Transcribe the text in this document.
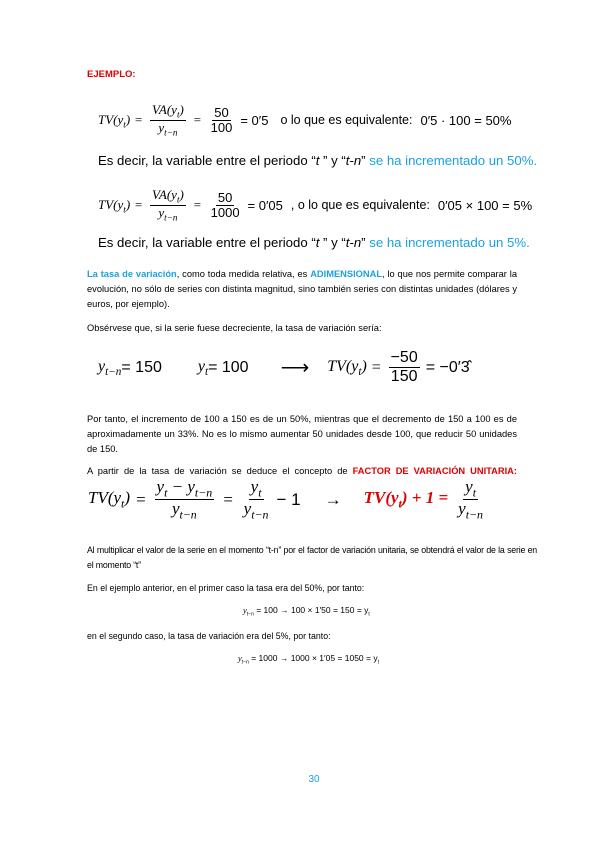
EJEMPLO:
$TV(y_t) = \frac{VA(y_t)}{y_{t-n}} = \frac{50}{100} = 0'5$ o lo que es equivalente: 0′5 · 100 = 50%
Es decir, la variable entre el periodo “t ” y “t-n” se ha incrementado un 50%.
$TV(y_t) = \frac{VA(y_t)}{y_{t-n}} = \frac{50}{1000} = 0'05$ , o lo que es equivalente: 0′05 × 100 = 5%
Es decir, la variable entre el periodo “t ” y “t-n” se ha incrementado un 5%.
La tasa de variación, como toda medida relativa, es ADIMENSIONAL, lo que nos permite comparar la evolución, no sólo de series con distinta magnitud, sino también series con distintas unidades (dólares y euros, por ejemplo).
Obsérvese que, si la serie fuese decreciente, la tasa de variación sería:
$y_{t-n} = 150$ $y_t = 100$ ⟶ $TV(y_t) = \frac{-50}{150}$ = −0′3̂
Por tanto, el incremento de 100 a 150 es de un 50%, mientras que el decremento de 150 a 100 es de aproximadamente un 33%. No es lo mismo aumentar 50 unidades desde 100, que reducir 50 unidades de 150.
A partir de la tasa de variación se deduce el concepto de FACTOR DE VARIACIÓN UNITARIA:
$TV(y_t) = \frac{y_t - y_{t-n}}{y_{t-n}} = \frac{y_t}{y_{t-n}} - 1 \to TV(y_t) + 1 = \frac{y_t}{y_{t-n}}$
Al multiplicar el valor de la serie en el momento “t-n” por el factor de variación unitaria, se obtendrá el valor de la serie en el momento “t”
En el ejemplo anterior, en el primer caso la tasa era del 50%, por tanto:
$y_{t-n} = 100 \to 100 \times 1'50 = 150 = y_t$
en el segundo caso, la tasa de variación era del 5%, por tanto:
$y_{t-n} = 1000 \to 1000 \times 1'05 = 1050 = y_t$
30
